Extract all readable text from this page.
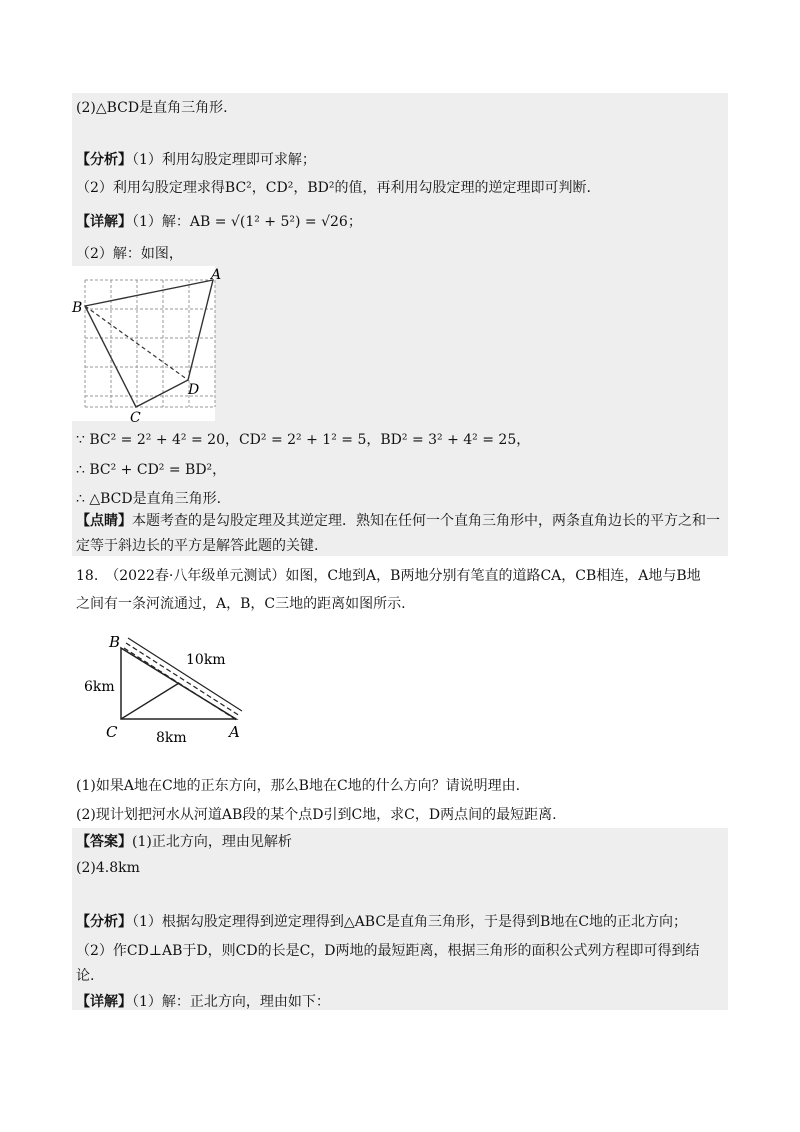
(2)△BCD是直角三角形.
【分析】（1）利用勾股定理即可求解；
（2）利用勾股定理求得BC²，CD²，BD²的值，再利用勾股定理的逆定理即可判断.
【详解】（1）解：AB = √(1² + 5²) = √26；
（2）解：如图，
A
B
C
D
∵ BC² = 2² + 4² = 20，CD² = 2² + 1² = 5，BD² = 3² + 4² = 25，
∴ BC² + CD² = BD²，
∴ △BCD是直角三角形.
【点睛】本题考查的是勾股定理及其逆定理．熟知在任何一个直角三角形中，两条直角边长的平方之和一
定等于斜边长的平方是解答此题的关键.
18.　（2022春·八年级单元测试）如图，C地到A，B两地分别有笔直的道路CA，CB相连，A地与B地
之间有一条河流通过，A，B，C三地的距离如图所示.
B
C	A
10km
6km
8km
(1)如果A地在C地的正东方向，那么B地在C地的什么方向？请说明理由.
(2)现计划把河水从河道AB段的某个点D引到C地，求C，D两点间的最短距离.
【答案】(1)正北方向，理由见解析
(2)4.8km
【分析】（1）根据勾股定理得到逆定理得到△ABC是直角三角形，于是得到B地在C地的正北方向；
（2）作CD⊥AB于D，则CD的长是C，D两地的最短距离，根据三角形的面积公式列方程即可得到结
论.
【详解】（1）解：正北方向，理由如下：
